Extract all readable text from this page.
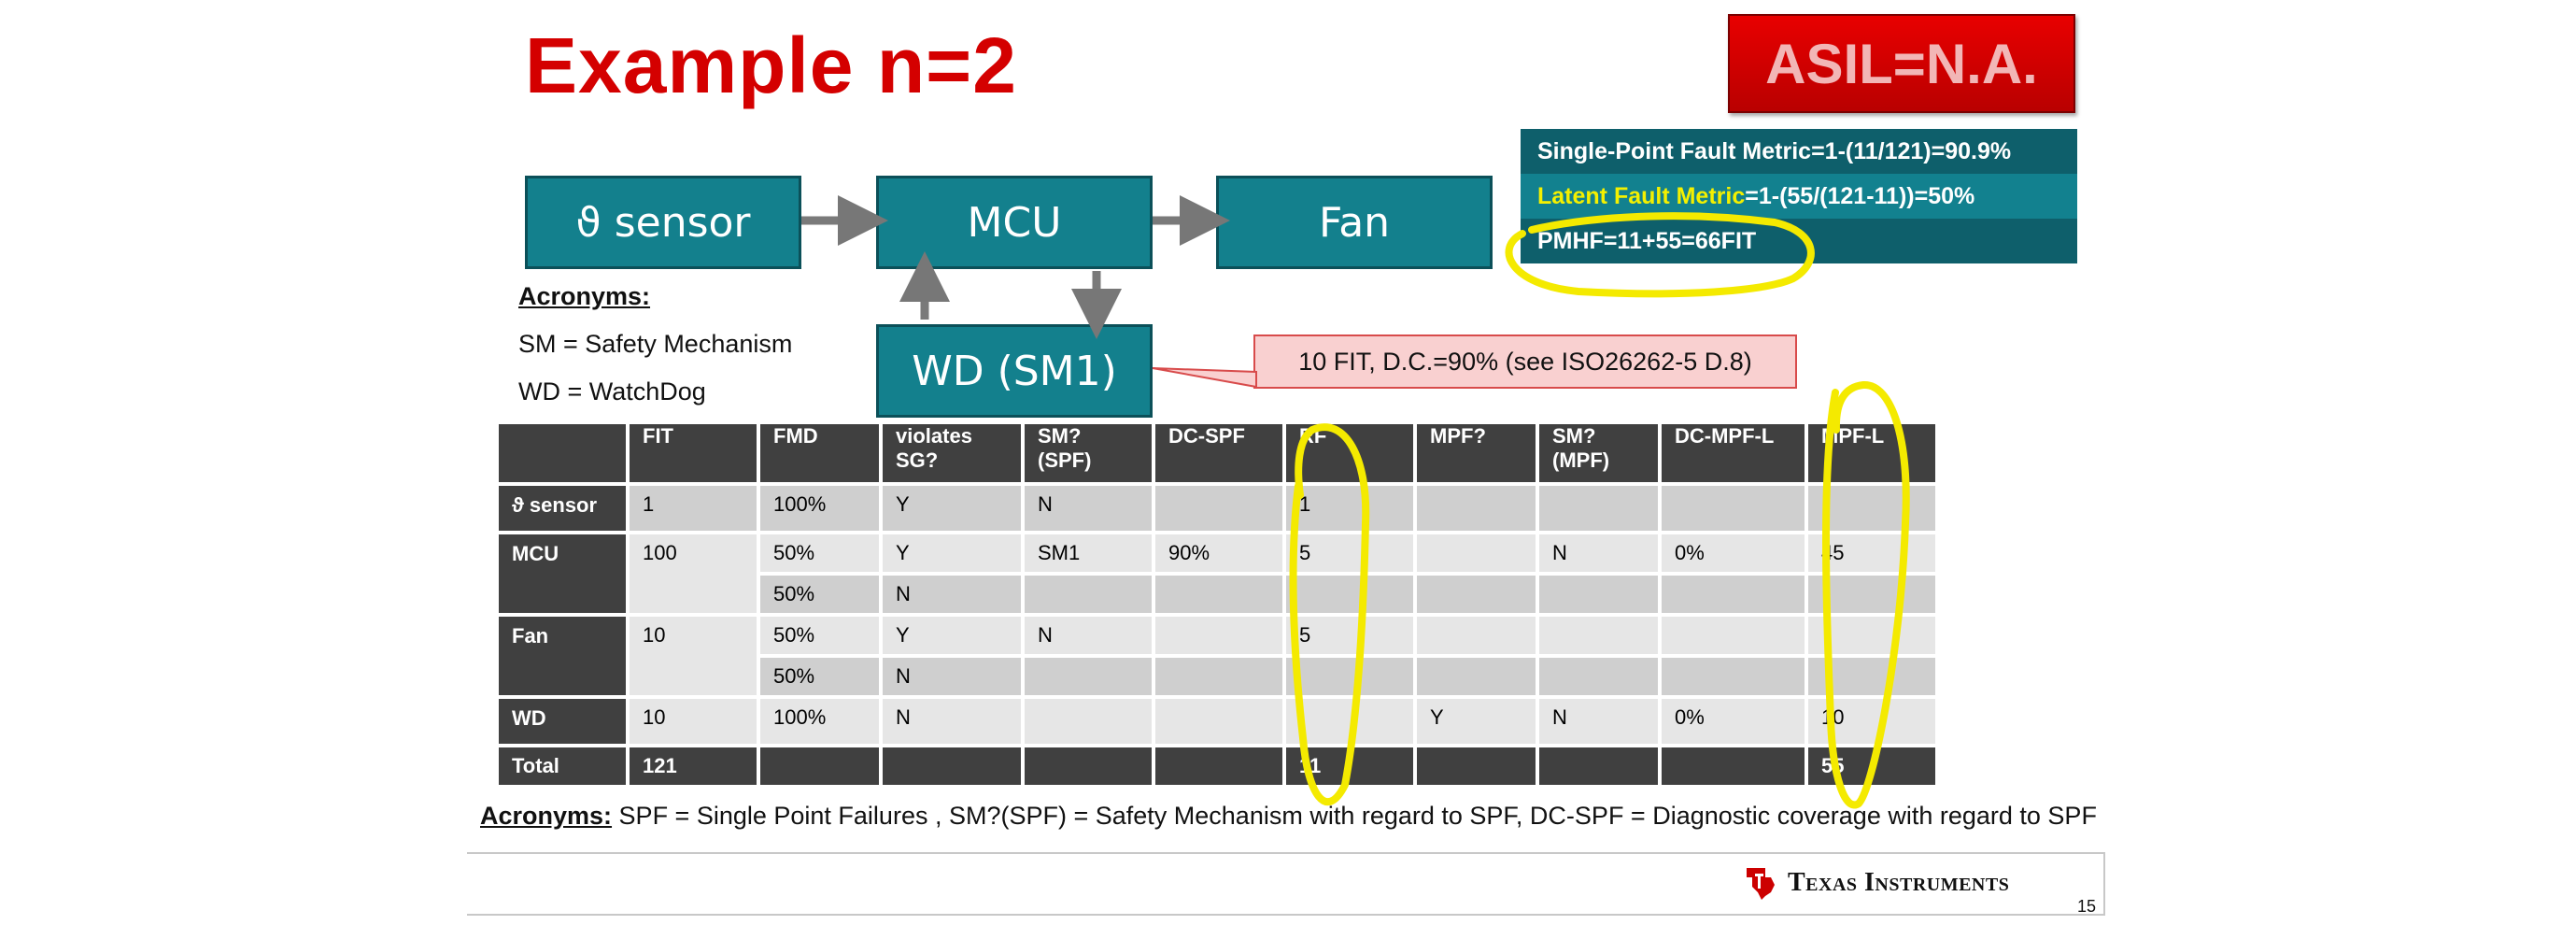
Example n=2	ASIL=N.A.
Single-Point Fault Metric=1-(11/121)=90.9%
Latent Fault Metric=1-(55/(121-11))=50%
PMHF=11+55=66FIT
ϑ sensor	MCU	Fan
WD (SM1)	10 FIT, D.C.=90% (see ISO26262-5 D.8)
Acronyms:
SM = Safety Mechanism
WD = WatchDog
	FIT	FMD	violates SG?	SM? (SPF)	DC-SPF	RF	MPF?	SM? (MPF)	DC-MPF-L	MPF-L
ϑ sensor	1	100%	Y	N		1				
MCU	100	50%	Y	SM1	90%	5		N	0%	45
		50%	N							
Fan	10	50%	Y	N		5				
		50%	N							
WD	10	100%	N				Y	N	0%	10
Total	121					11				55
Acronyms: SPF = Single Point Failures , SM?(SPF) = Safety Mechanism with regard to SPF, DC-SPF = Diagnostic coverage with regard to SPF
Texas Instruments
15
